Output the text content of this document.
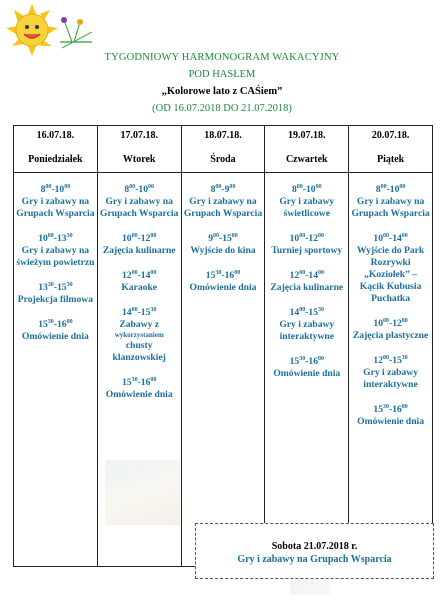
TYGODNIOWY HARMONOGRAM WAKACYJNY
POD HASŁEM
„Kolorowe lato z CAŚiem”
(OD 16.07.2018 DO 21.07.2018)
16.07.18.
Poniedziałek
$8^{00}-10^{00}$
Gry i zabawy na Grupach Wsparcia
$10^{00}-13^{30}$
Gry i zabawy na świeżym powietrzu
$13^{30}-15^{30}$
Projekcja filmowa
$15^{30}-16^{00}$
Omówienie dnia
17.07.18.
Wtorek
$8^{00}-10^{00}$
Gry i zabawy na Grupach Wsparcia
$10^{00}-12^{00}$
Zajęcia kulinarne
$12^{00}-14^{00}$
Karaoke
$14^{00}-15^{30}$
Zabawy z
wykorzystaniem
chusty klanzowskiej
$15^{30}-16^{00}$
Omówienie dnia
18.07.18.
Środa
$8^{00}-9^{00}$
Gry i zabawy na Grupach Wsparcia
$9^{00}-15^{00}$
Wyjście do kina
$15^{30}-16^{00}$
Omówienie dnia
19.07.18.
Czwartek
$8^{00}-10^{00}$
Gry i zabawy świetlicowe
$10^{00}-12^{00}$
Turniej sportowy
$12^{00}-14^{00}$
Zajęcia kulinarne
$14^{00}-15^{30}$
Gry i zabawy interaktywne
$15^{30}-16^{00}$
Omówienie dnia
20.07.18.
Piątek
$8^{00}-10^{00}$
Gry i zabawy na Grupach Wsparcia
$10^{00}-14^{00}$
Wyjście do Park Rozrywki „Koziołek” – Kącik Kubusia Puchatka
$10^{00}-12^{00}$
Zajęcia plastyczne
$12^{00}-15^{30}$
Gry i zabawy interaktywne
$15^{30}-16^{00}$
Omówienie dnia
Sobota 21.07.2018 r.
Gry i zabawy na Grupach Wsparcia
